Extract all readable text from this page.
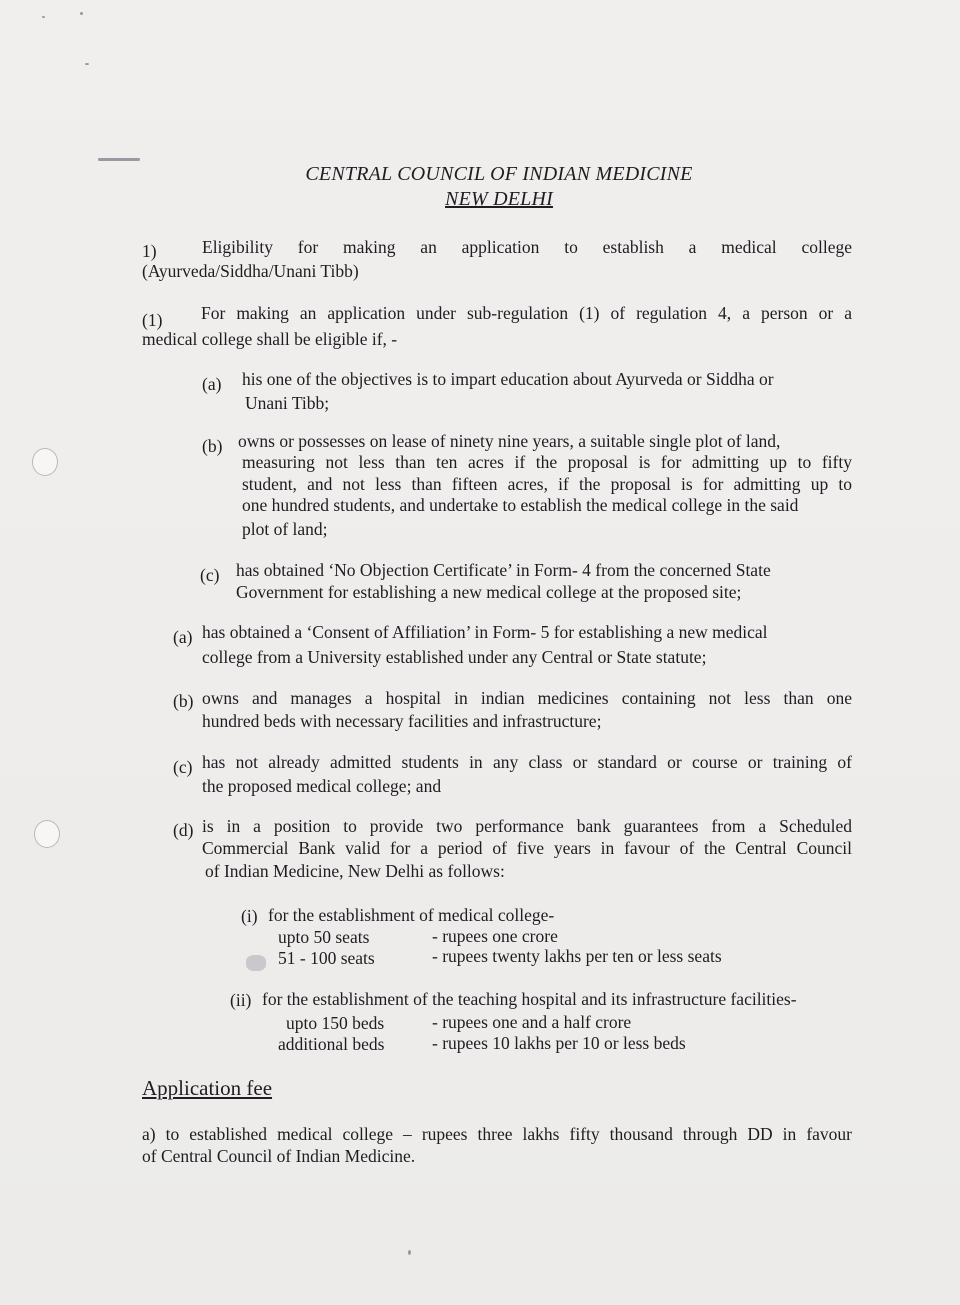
CENTRAL COUNCIL OF INDIAN MEDICINE
NEW DELHI
1)	Eligibility for making an application to establish a medical college
(Ayurveda/Siddha/Unani Tibb)
(1) For making an application under sub-regulation (1) of regulation 4, a person or a
medical college shall be eligible if, -
(a) his one of the objectives is to impart education about Ayurveda or Siddha or
Unani Tibb;
(b) owns or possesses on lease of ninety nine years, a suitable single plot of land,
measuring not less than ten acres if the proposal is for admitting up to fifty
student, and not less than fifteen acres, if the proposal is for admitting up to
one hundred students, and undertake to establish the medical college in the said
plot of land;
(c) has obtained ‘No Objection Certificate’ in Form- 4 from the concerned State
Government for establishing a new medical college at the proposed site;
(a) has obtained a ‘Consent of Affiliation’ in Form- 5 for establishing a new medical
college from a University established under any Central or State statute;
(b) owns and manages a hospital in indian medicines containing not less than one
hundred beds with necessary facilities and infrastructure;
(c) has not already admitted students in any class or standard or course or training of
the proposed medical college; and
(d) is in a position to provide two performance bank guarantees from a Scheduled
Commercial Bank valid for a period of five years in favour of the Central Council
of Indian Medicine, New Delhi as follows:
(i) for the establishment of medical college-
upto 50 seats	- rupees one crore
51 - 100 seats	- rupees twenty lakhs per ten or less seats
(ii) for the establishment of the teaching hospital and its infrastructure facilities-
upto 150 beds	- rupees one and a half crore
additional beds	- rupees 10 lakhs per 10 or less beds
Application fee
a) to established medical college – rupees three lakhs fifty thousand through DD in favour
of Central Council of Indian Medicine.
